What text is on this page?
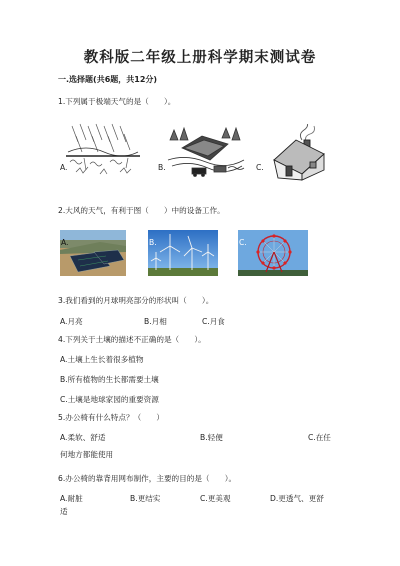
教科版二年级上册科学期末测试卷
一.选择题(共6题，共12分)
1.下列属于极端天气的是（　　）。
A.	B.	C.
2.大风的天气，有利于图（　　）中的设备工作。
A.	B.	C.
3.我们看到的月球明亮部分的形状叫（　　）。
A.月亮	B.月相	C.月食
4.下列关于土壤的描述不正确的是（　　）。
A.土壤上生长着很多植物
B.所有植物的生长都需要土壤
C.土壤是地球家园的重要资源
5.办公椅有什么特点？（　　）
A.柔软、舒适	B.轻便	C.在任
何地方都能使用
6.办公椅的靠背用网布制作，主要的目的是（　　）。
A.耐脏	B.更结实	C.更美观	D.更透气、更舒
适
